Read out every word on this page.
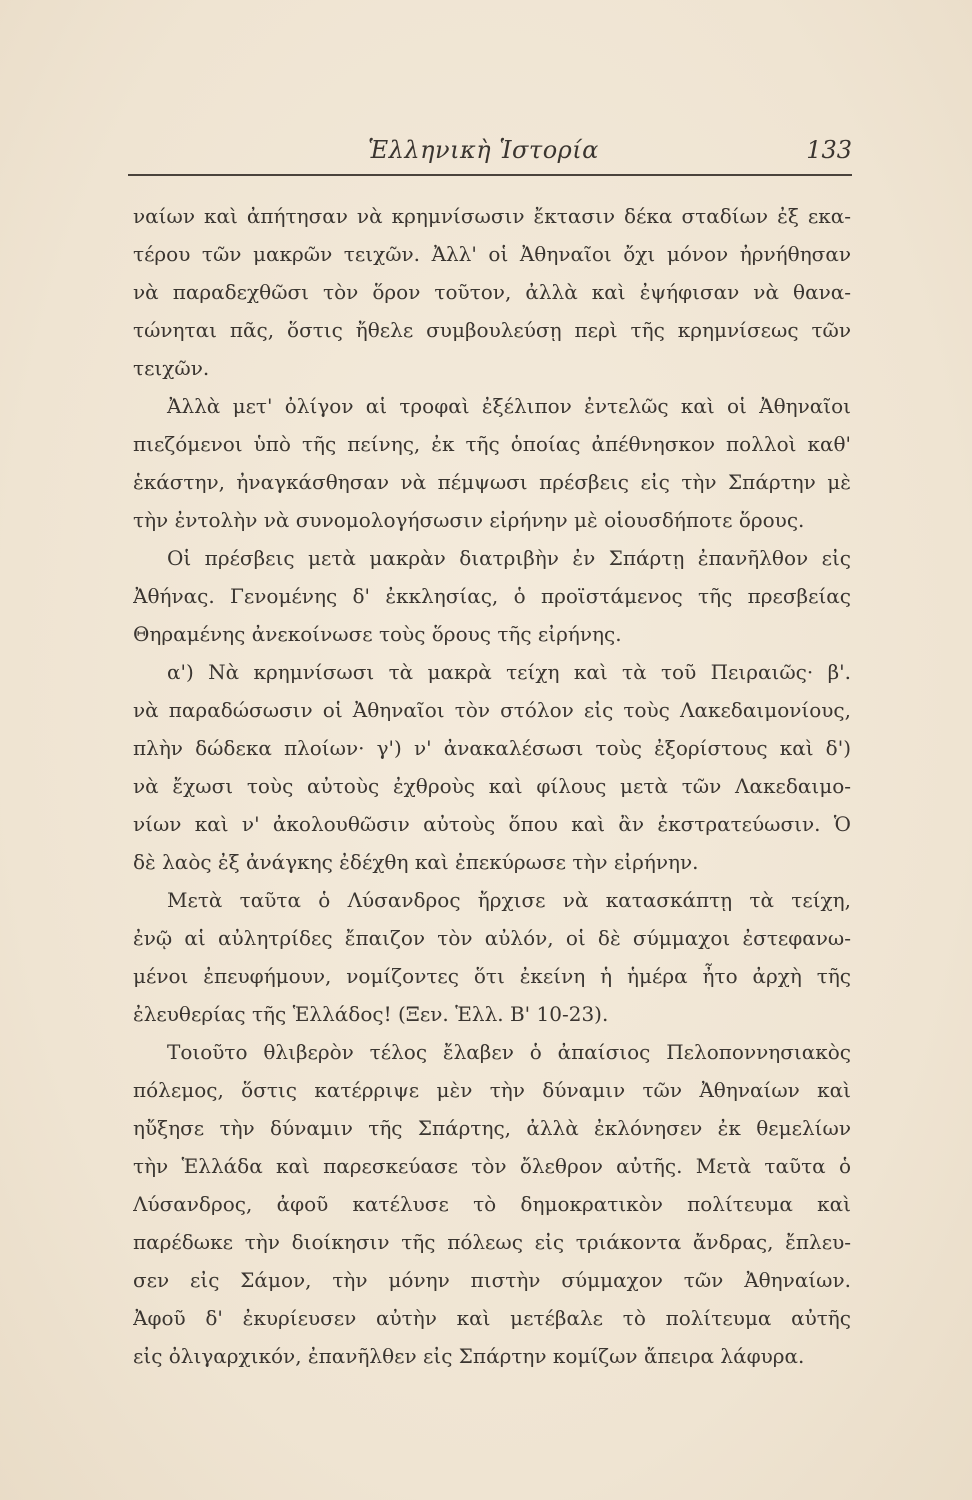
Ἑλληνικὴ Ἱστορία	133
ναίων καὶ ἀπήτησαν νὰ κρημνίσωσιν ἔκτασιν δέκα σταδίων ἐξ εκα-
τέρου τῶν μακρῶν τειχῶν. Ἀλλ' οἱ Ἀθηναῖοι ὄχι μόνον ἠρνήθησαν
νὰ παραδεχθῶσι τὸν ὅρον τοῦτον, ἀλλὰ καὶ ἐψήφισαν νὰ θανα-
τώνηται πᾶς, ὅστις ἤθελε συμβουλεύσῃ περὶ τῆς κρημνίσεως τῶν
τειχῶν.
Ἀλλὰ μετ' ὀλίγον αἱ τροφαὶ ἐξέλιπον ἐντελῶς καὶ οἱ Ἀθηναῖοι
πιεζόμενοι ὑπὸ τῆς πείνης, ἐκ τῆς ὁποίας ἀπέθνησκον πολλοὶ καθ'
ἑκάστην, ἠναγκάσθησαν νὰ πέμψωσι πρέσβεις εἰς τὴν Σπάρτην μὲ
τὴν ἐντολὴν νὰ συνομολογήσωσιν εἰρήνην μὲ οἱουσδήποτε ὅρους.
Οἱ πρέσβεις μετὰ μακρὰν διατριβὴν ἐν Σπάρτῃ ἐπανῆλθον εἰς
Ἀθήνας. Γενομένης δ' ἐκκλησίας, ὁ προϊστάμενος τῆς πρεσβείας
Θηραμένης ἀνεκοίνωσε τοὺς ὅρους τῆς εἰρήνης.
α') Νὰ κρημνίσωσι τὰ μακρὰ τείχη καὶ τὰ τοῦ Πειραιῶς· β'.
νὰ παραδώσωσιν οἱ Ἀθηναῖοι τὸν στόλον εἰς τοὺς Λακεδαιμονίους,
πλὴν δώδεκα πλοίων· γ') ν' ἀνακαλέσωσι τοὺς ἐξορίστους καὶ δ')
νὰ ἔχωσι τοὺς αὐτοὺς ἐχθροὺς καὶ φίλους μετὰ τῶν Λακεδαιμο-
νίων καὶ ν' ἀκολουθῶσιν αὐτοὺς ὅπου καὶ ἂν ἐκστρατεύωσιν. Ὁ
δὲ λαὸς ἐξ ἀνάγκης ἐδέχθη καὶ ἐπεκύρωσε τὴν εἰρήνην.
Μετὰ ταῦτα ὁ Λύσανδρος ἤρχισε νὰ κατασκάπτῃ τὰ τείχη,
ἐνῷ αἱ αὐλητρίδες ἔπαιζον τὸν αὐλόν, οἱ δὲ σύμμαχοι ἐστεφανω-
μένοι ἐπευφήμουν, νομίζοντες ὅτι ἐκείνη ἡ ἡμέρα ἦτο ἀρχὴ τῆς
ἐλευθερίας τῆς Ἑλλάδος! (Ξεν. Ἑλλ. Β' 10-23).
Τοιοῦτο θλιβερὸν τέλος ἔλαβεν ὁ ἀπαίσιος Πελοποννησιακὸς
πόλεμος, ὅστις κατέρριψε μὲν τὴν δύναμιν τῶν Ἀθηναίων καὶ
ηὔξησε τὴν δύναμιν τῆς Σπάρτης, ἀλλὰ ἐκλόνησεν ἐκ θεμελίων
τὴν Ἑλλάδα καὶ παρεσκεύασε τὸν ὄλεθρον αὐτῆς. Μετὰ ταῦτα ὁ
Λύσανδρος, ἀφοῦ κατέλυσε τὸ δημοκρατικὸν πολίτευμα καὶ
παρέδωκε τὴν διοίκησιν τῆς πόλεως εἰς τριάκοντα ἄνδρας, ἔπλευ-
σεν εἰς Σάμον, τὴν μόνην πιστὴν σύμμαχον τῶν Ἀθηναίων.
Ἀφοῦ δ' ἐκυρίευσεν αὐτὴν καὶ μετέβαλε τὸ πολίτευμα αὐτῆς
εἰς ὀλιγαρχικόν, ἐπανῆλθεν εἰς Σπάρτην κομίζων ἄπειρα λάφυρα.
